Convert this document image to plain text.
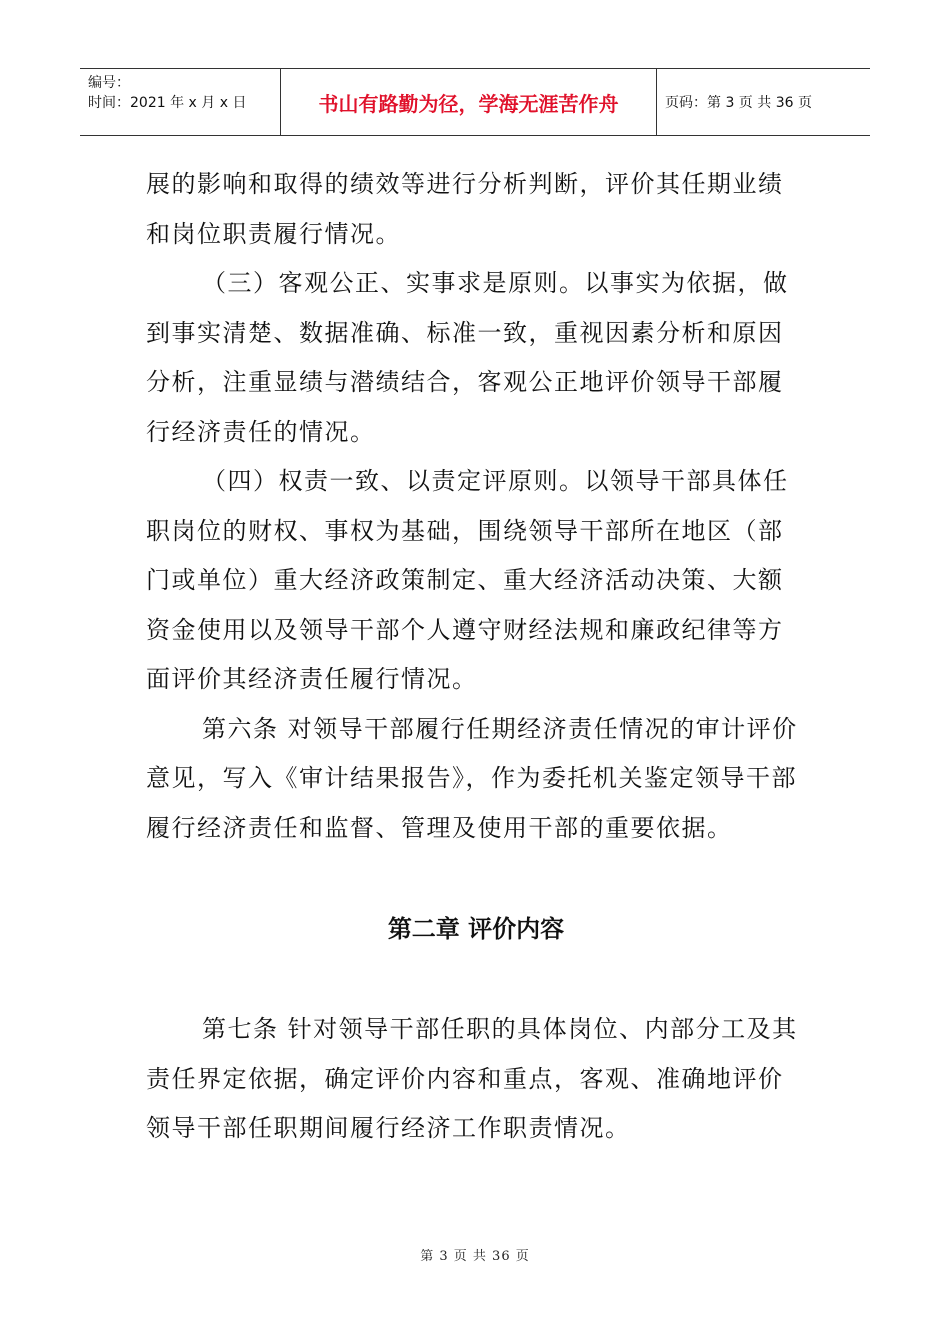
编号：
时间：2021 年 x 月 x 日	书山有路勤为径，学海无涯苦作舟	页码：第 3 页 共 36 页

展的影响和取得的绩效等进行分析判断，评价其任期业绩和岗位职责履行情况。

（三）客观公正、实事求是原则。以事实为依据，做到事实清楚、数据准确、标准一致，重视因素分析和原因分析，注重显绩与潜绩结合，客观公正地评价领导干部履行经济责任的情况。

（四）权责一致、以责定评原则。以领导干部具体任职岗位的财权、事权为基础，围绕领导干部所在地区（部门或单位）重大经济政策制定、重大经济活动决策、大额资金使用以及领导干部个人遵守财经法规和廉政纪律等方面评价其经济责任履行情况。

第六条 对领导干部履行任期经济责任情况的审计评价意见，写入《审计结果报告》，作为委托机关鉴定领导干部履行经济责任和监督、管理及使用干部的重要依据。

第二章 评价内容

第七条 针对领导干部任职的具体岗位、内部分工及其责任界定依据，确定评价内容和重点，客观、准确地评价领导干部任职期间履行经济工作职责情况。

第 3 页 共 36 页
